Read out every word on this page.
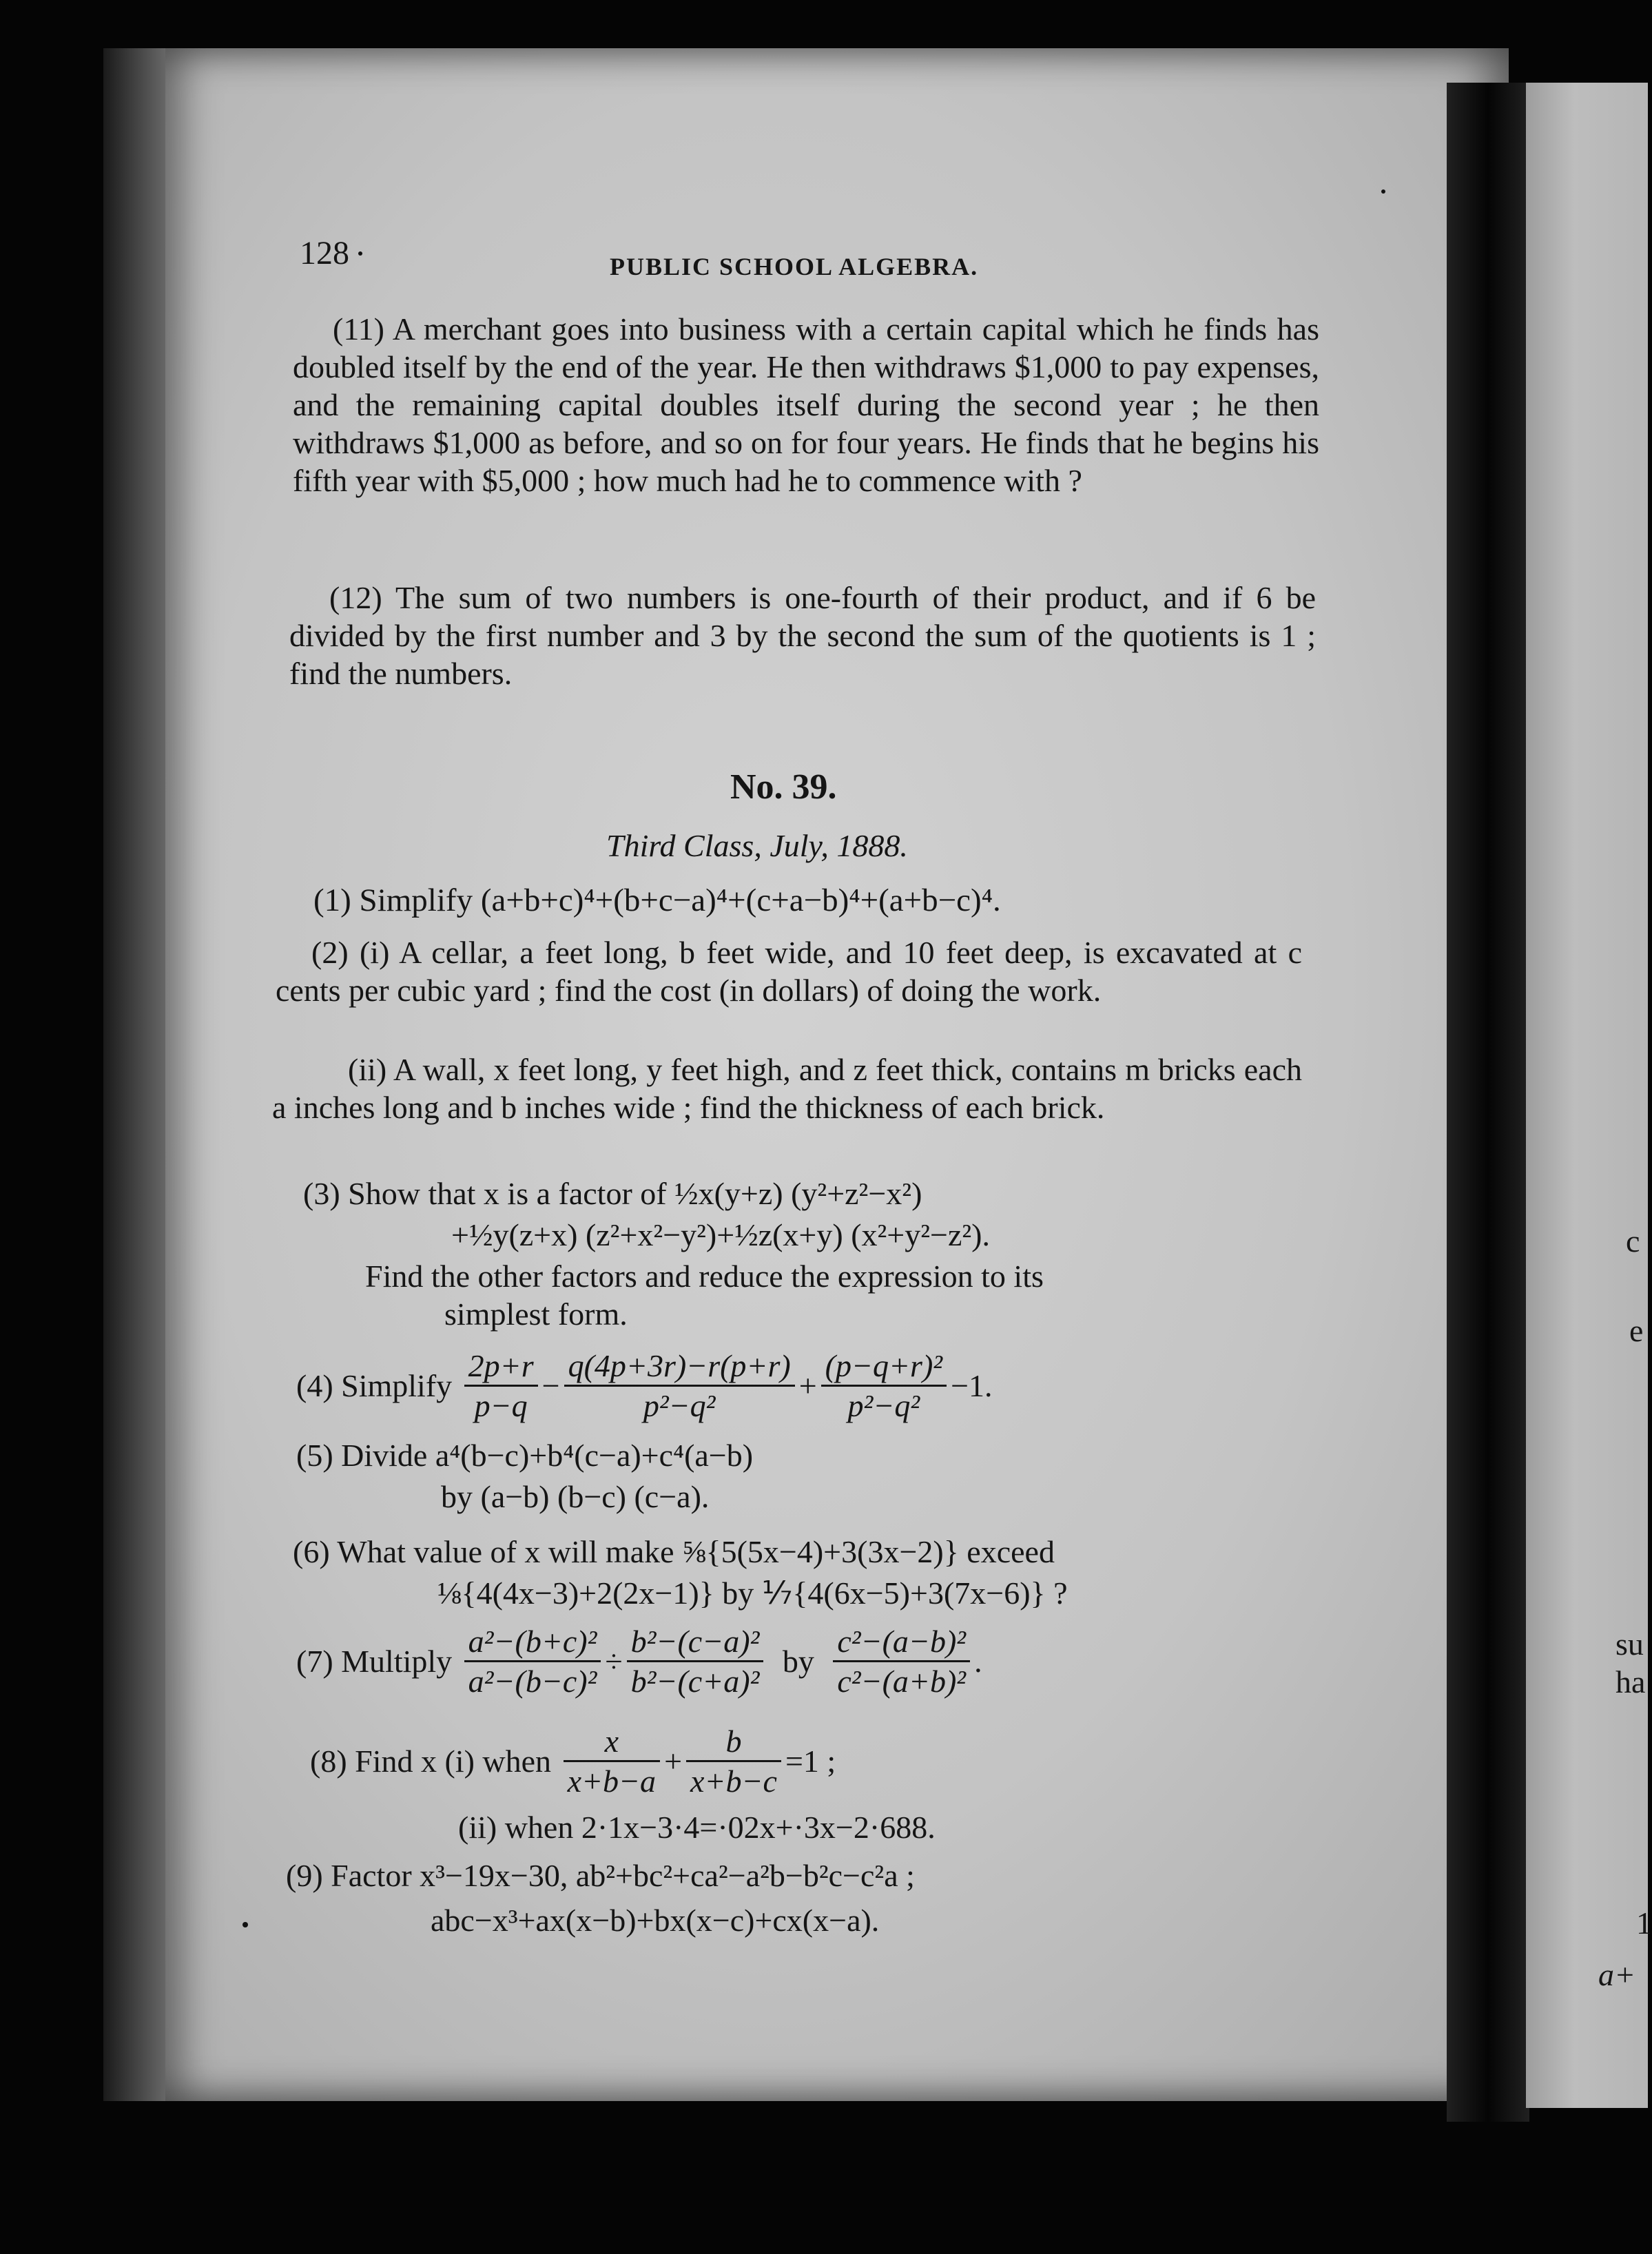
128	PUBLIC SCHOOL ALGEBRA.
(11) A merchant goes into business with a certain capital which he finds has doubled itself by the end of the year. He then withdraws $1,000 to pay expenses, and the remaining capital doubles itself during the second year ; he then withdraws $1,000 as before, and so on for four years. He finds that he begins his fifth year with $5,000 ; how much had he to commence with ?
(12) The sum of two numbers is one-fourth of their product, and if 6 be divided by the first number and 3 by the second the sum of the quotients is 1 ; find the numbers.
No. 39.
Third Class, July, 1888.
(1) Simplify (a+b+c)⁴+(b+c−a)⁴+(c+a−b)⁴+(a+b−c)⁴.
(2) (i) A cellar, a feet long, b feet wide, and 10 feet deep, is excavated at c cents per cubic yard ; find the cost (in dollars) of doing the work.
(ii) A wall, x feet long, y feet high, and z feet thick, contains m bricks each a inches long and b inches wide ; find the thickness of each brick.
(3) Show that x is a factor of ½x(y+z) (y²+z²−x²)
+½y(z+x) (z²+x²−y²)+½z(x+y) (x²+y²−z²).
Find the other factors and reduce the expression to its
simplest form.
(4) Simplify $\frac{2p+r}{p-q} - \frac{q(4p+3r)-r(p+r)}{\text{p²−q²}} + \frac{\text{(p−q+r)²}}{\text{p²−q²}} -1$.
(5) Divide a⁴(b−c)+b⁴(c−a)+c⁴(a−b)
by (a−b) (b−c) (c−a).
(6) What value of x will make ⅝{5(5x−4)+3(3x−2)} exceed
⅛{4(4x−3)+2(2x−1)} by ⅐{4(6x−5)+3(7x−6)} ?
(7) Multiply $\frac{\text{a²−(b+c)²}}{\text{a²−(b−c)²}} \div \frac{\text{b²−(c−a)²}}{\text{b²−(c+a)²}}$ by $\frac{\text{c²−(a−b)²}}{\text{c²−(a+b)²}}$ .
(8) Find x (i) when $\frac{x}{x+b-a} + \frac{b}{x+b-c} =1$ ;
(ii) when 2·1x−3·4=·02x+·3x−2·688.
(9) Factor x³−19x−30, ab²+bc²+ca²−a²b−b²c−c²a ;
abc−x³+ax(x−b)+bx(x−c)+cx(x−a).
c
e
su
ha
1
a+
